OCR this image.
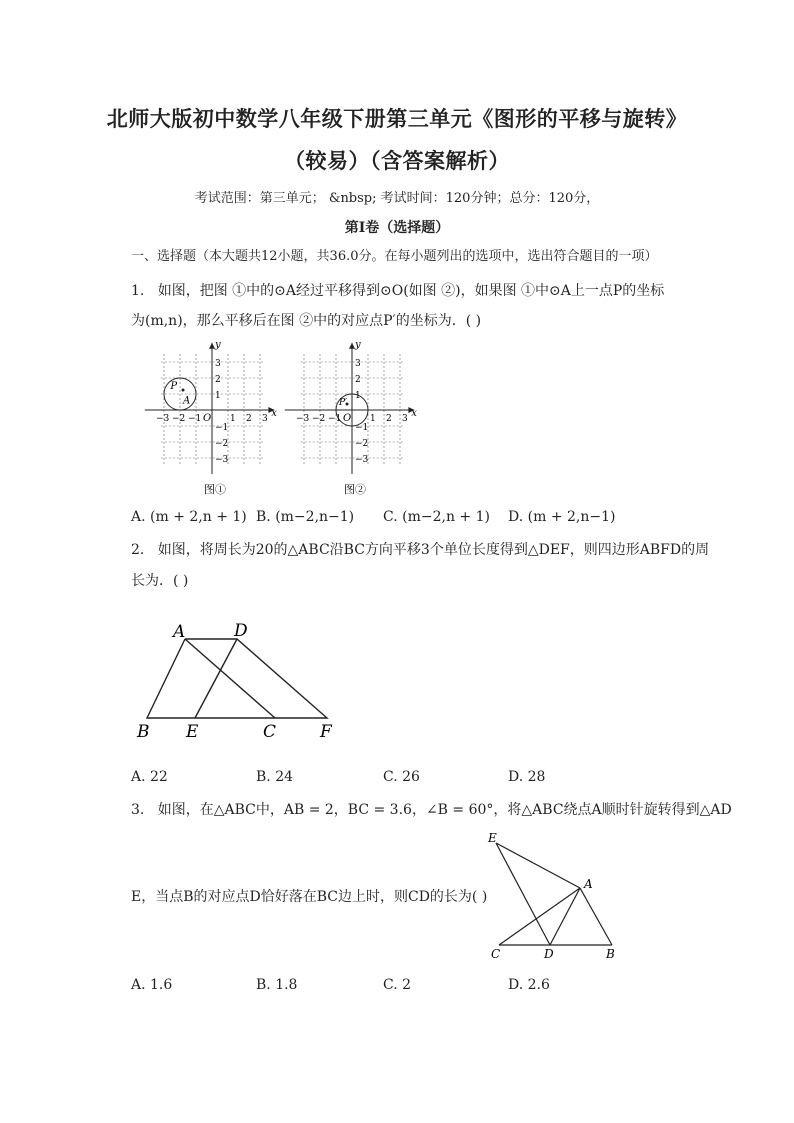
北师大版初中数学八年级下册第三单元《图形的平移与旋转》
（较易）（含答案解析）
考试范围：第三单元； &nbsp; 考试时间：120分钟；总分：120分，
第Ⅰ卷（选择题）
一、选择题（本大题共12小题，共36.0分。在每小题列出的选项中，选出符合题目的一项）
1. 如图，把图 ①中的⊙A经过平移得到⊙O(如图 ②)，如果图 ①中⊙A上一点P的坐标
为(m,n)，那么平移后在图 ②中的对应点P′的坐标为．( )
x
y
O
−3 −2 −1	1 2 3
3
2
1
−1
−2
−3
P
A
x
y
O
−3 −2 −1	1 2 3
3
2
1
−1
−2
−3
P′
图①	图②
A. (m + 2,n + 1) B. (m−2,n−1) C. (m−2,n + 1) D. (m + 2,n−1)
2. 如图，将周长为20的△ABC沿BC方向平移3个单位长度得到△DEF，则四边形ABFD的周
长为．( )
A	D
B E	C	F
A. 22	B. 24	C. 26	D. 28
3. 如图，在△ABC中，AB = 2，BC = 3.6，∠B = 60°，将△ABC绕点A顺时针旋转得到△AD
E，当点B的对应点D恰好落在BC边上时，则CD的长为( )
E
A
C	D	B
A. 1.6	B. 1.8	C. 2	D. 2.6
